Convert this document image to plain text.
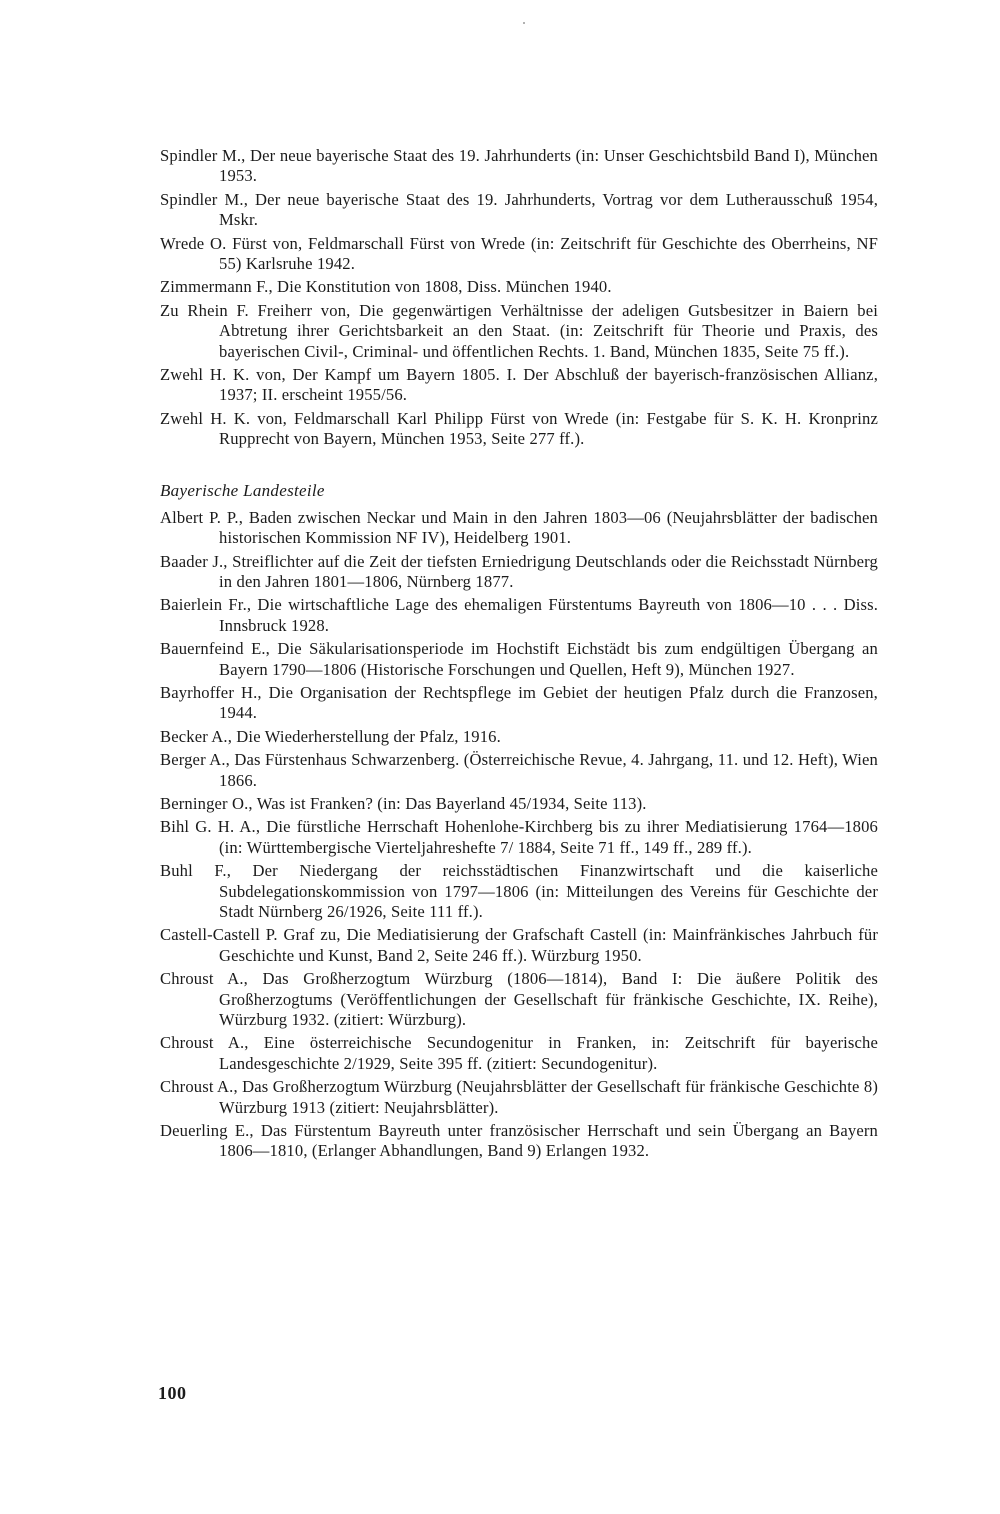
Spindler M., Der neue bayerische Staat des 19. Jahrhunderts (in: Unser Geschichtsbild Band I), München 1953.

Spindler M., Der neue bayerische Staat des 19. Jahrhunderts, Vortrag vor dem Lutherausschuß 1954, Mskr.

Wrede O. Fürst von, Feldmarschall Fürst von Wrede (in: Zeitschrift für Geschichte des Oberrheins, NF 55) Karlsruhe 1942.

Zimmermann F., Die Konstitution von 1808, Diss. München 1940.

Zu Rhein F. Freiherr von, Die gegenwärtigen Verhältnisse der adeligen Gutsbesitzer in Baiern bei Abtretung ihrer Gerichtsbarkeit an den Staat. (in: Zeitschrift für Theorie und Praxis, des bayerischen Civil-, Criminal- und öffentlichen Rechts. 1. Band, München 1835, Seite 75 ff.).

Zwehl H. K. von, Der Kampf um Bayern 1805. I. Der Abschluß der bayerisch-französischen Allianz, 1937; II. erscheint 1955/56.

Zwehl H. K. von, Feldmarschall Karl Philipp Fürst von Wrede (in: Festgabe für S. K. H. Kronprinz Rupprecht von Bayern, München 1953, Seite 277 ff.).

Bayerische Landesteile

Albert P. P., Baden zwischen Neckar und Main in den Jahren 1803—06 (Neujahrsblätter der badischen historischen Kommission NF IV), Heidelberg 1901.

Baader J., Streiflichter auf die Zeit der tiefsten Erniedrigung Deutschlands oder die Reichsstadt Nürnberg in den Jahren 1801—1806, Nürnberg 1877.

Baierlein Fr., Die wirtschaftliche Lage des ehemaligen Fürstentums Bayreuth von 1806—10 . . . Diss. Innsbruck 1928.

Bauernfeind E., Die Säkularisationsperiode im Hochstift Eichstädt bis zum endgültigen Übergang an Bayern 1790—1806 (Historische Forschungen und Quellen, Heft 9), München 1927.

Bayrhoffer H., Die Organisation der Rechtspflege im Gebiet der heutigen Pfalz durch die Franzosen, 1944.

Becker A., Die Wiederherstellung der Pfalz, 1916.

Berger A., Das Fürstenhaus Schwarzenberg. (Österreichische Revue, 4. Jahrgang, 11. und 12. Heft), Wien 1866.

Berninger O., Was ist Franken? (in: Das Bayerland 45/1934, Seite 113).

Bihl G. H. A., Die fürstliche Herrschaft Hohenlohe-Kirchberg bis zu ihrer Mediatisierung 1764—1806 (in: Württembergische Vierteljahreshefte 7/ 1884, Seite 71 ff., 149 ff., 289 ff.).

Buhl F., Der Niedergang der reichsstädtischen Finanzwirtschaft und die kaiserliche Subdelegationskommission von 1797—1806 (in: Mitteilungen des Vereins für Geschichte der Stadt Nürnberg 26/1926, Seite 111 ff.).

Castell-Castell P. Graf zu, Die Mediatisierung der Grafschaft Castell (in: Mainfränkisches Jahrbuch für Geschichte und Kunst, Band 2, Seite 246 ff.). Würzburg 1950.

Chroust A., Das Großherzogtum Würzburg (1806—1814), Band I: Die äußere Politik des Großherzogtums (Veröffentlichungen der Gesellschaft für fränkische Geschichte, IX. Reihe), Würzburg 1932. (zitiert: Würzburg).

Chroust A., Eine österreichische Secundogenitur in Franken, in: Zeitschrift für bayerische Landesgeschichte 2/1929, Seite 395 ff. (zitiert: Secundogenitur).

Chroust A., Das Großherzogtum Würzburg (Neujahrsblätter der Gesellschaft für fränkische Geschichte 8) Würzburg 1913 (zitiert: Neujahrsblätter).

Deuerling E., Das Fürstentum Bayreuth unter französischer Herrschaft und sein Übergang an Bayern 1806—1810, (Erlanger Abhandlungen, Band 9) Erlangen 1932.

100
